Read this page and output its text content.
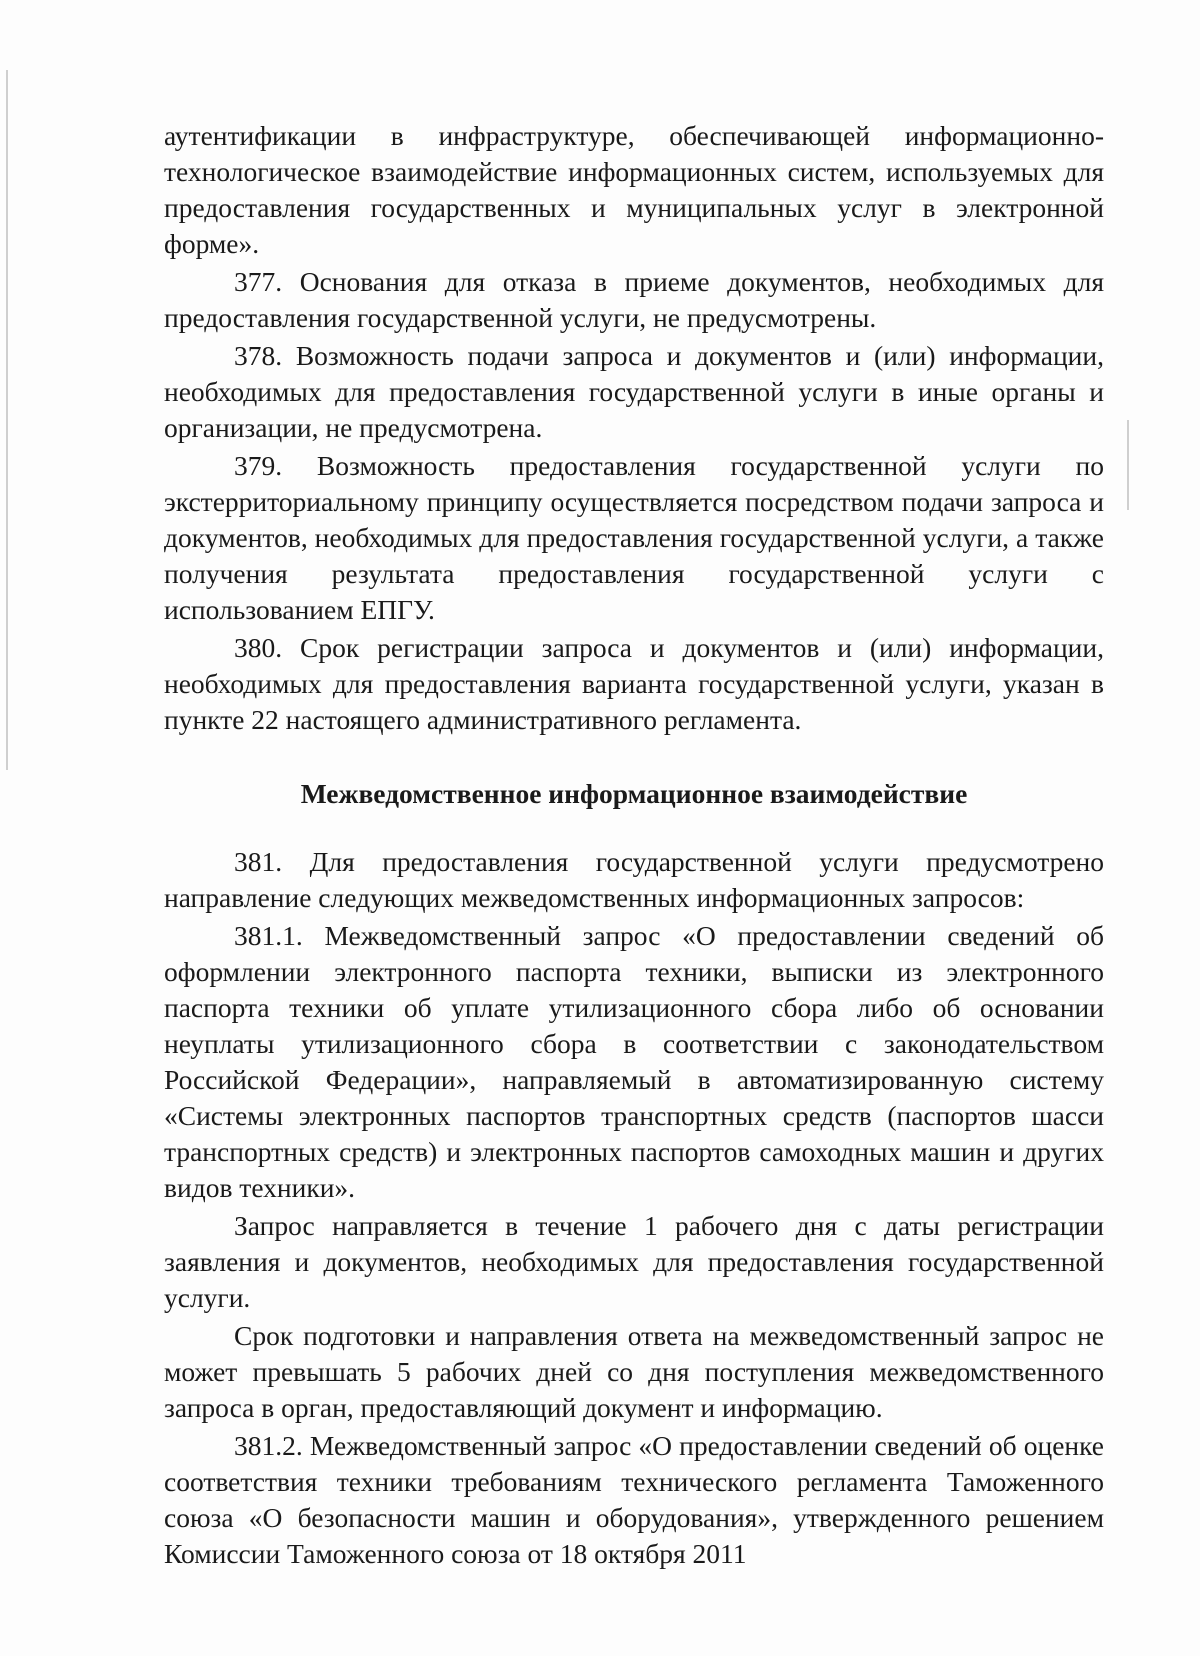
аутентификации в инфраструктуре, обеспечивающей информационно-технологическое взаимодействие информационных систем, используемых для предоставления государственных и муниципальных услуг в электронной форме».

377. Основания для отказа в приеме документов, необходимых для предоставления государственной услуги, не предусмотрены.

378. Возможность подачи запроса и документов и (или) информации, необходимых для предоставления государственной услуги в иные органы и организации, не предусмотрена.

379. Возможность предоставления государственной услуги по экстерриториальному принципу осуществляется посредством подачи запроса и документов, необходимых для предоставления государственной услуги, а также получения результата предоставления государственной услуги с использованием ЕПГУ.

380. Срок регистрации запроса и документов и (или) информации, необходимых для предоставления варианта государственной услуги, указан в пункте 22 настоящего административного регламента.

Межведомственное информационное взаимодействие

381. Для предоставления государственной услуги предусмотрено направление следующих межведомственных информационных запросов:

381.1. Межведомственный запрос «О предоставлении сведений об оформлении электронного паспорта техники, выписки из электронного паспорта техники об уплате утилизационного сбора либо об основании неуплаты утилизационного сбора в соответствии с законодательством Российской Федерации», направляемый в автоматизированную систему «Системы электронных паспортов транспортных средств (паспортов шасси транспортных средств) и электронных паспортов самоходных машин и других видов техники».

Запрос направляется в течение 1 рабочего дня с даты регистрации заявления и документов, необходимых для предоставления государственной услуги.

Срок подготовки и направления ответа на межведомственный запрос не может превышать 5 рабочих дней со дня поступления межведомственного запроса в орган, предоставляющий документ и информацию.

381.2. Межведомственный запрос «О предоставлении сведений об оценке соответствия техники требованиям технического регламента Таможенного союза «О безопасности машин и оборудования», утвержденного решением Комиссии Таможенного союза от 18 октября 2011
